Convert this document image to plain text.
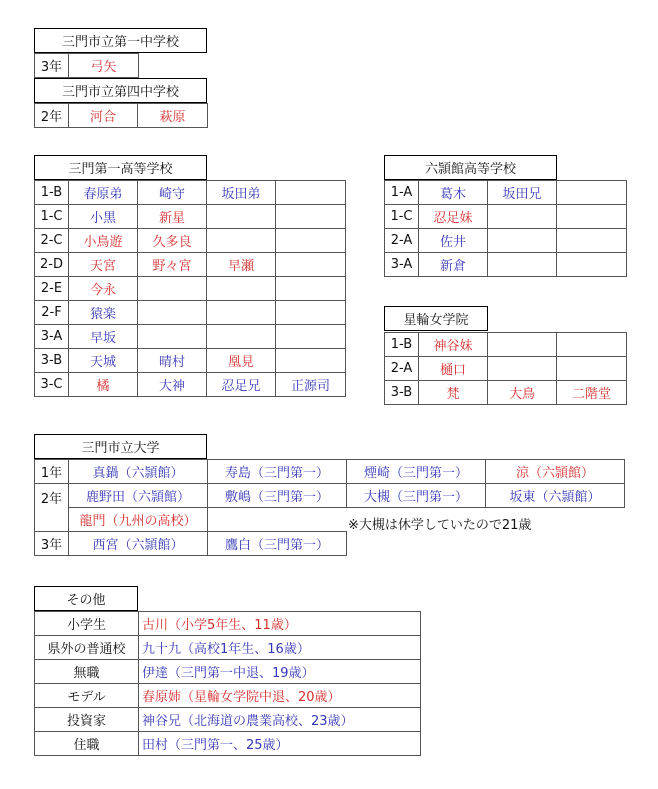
三門市立第一中学校
3年	弓矢
三門市立第四中学校
2年	河合	萩原
三門第一高等学校
1-B	春原弟	崎守	坂田弟	
1-C	小黒	新星		
2-C	小鳥遊	久多良		
2-D	天宮	野々宮	早瀬	
2-E	今永			
2-F	猿楽			
3-A	早坂			
3-B	天城	晴村	凰見	
3-C	橘	大神	忍足兄	正源司
六頴館高等学校
1-A	葛木	坂田兄	
1-C	忍足妹		
2-A	佐井		
3-A	新倉		
星輪女学院
1-B	神谷妹		
2-A	樋口		
3-B	梵	大鳥	二階堂
三門市立大学
1年	真鍋（六頴館）	寿島（三門第一）	煙崎（三門第一）	涼（六頴館）
2年	鹿野田（六頴館）	敷嶋（三門第一）	大槻（三門第一）	坂東（六頴館）
	龍門（九州の高校）			
3年	西宮（六頴館）	鷹白（三門第一）		
※大槻は休学していたので21歳
その他
小学生	古川（小学5年生、11歳）
県外の普通校	九十九（高校1年生、16歳）
無職	伊達（三門第一中退、19歳）
モデル	春原姉（星輪女学院中退、20歳）
投資家	神谷兄（北海道の農業高校、23歳）
住職	田村（三門第一、25歳）
